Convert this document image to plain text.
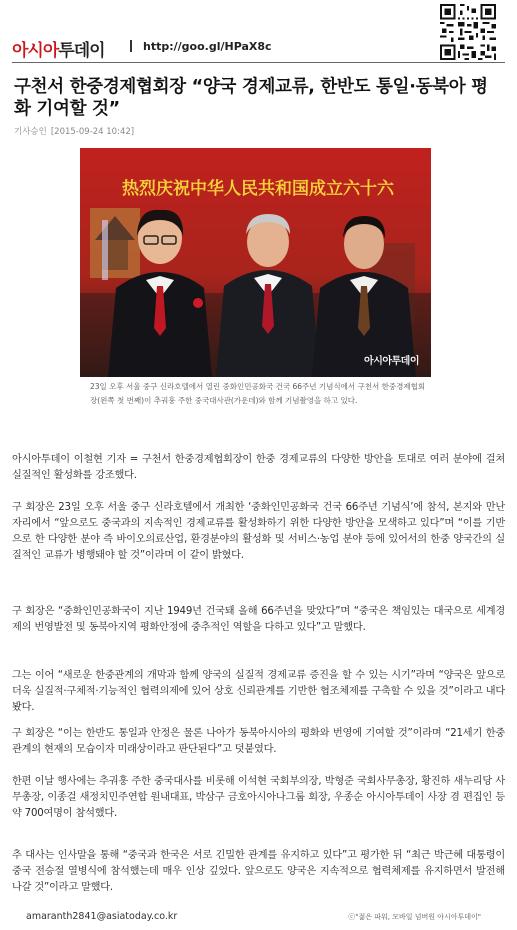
아시아투데이	http://goo.gl/HPaX8c
구천서 한중경제협회장 “양국 경제교류, 한반도 통일·동북아 평화 기여할 것”
기사승인 [2015-09-24 10:42]
热烈庆祝中华人民共和国成立六十六
아시아투데이

23일 오후 서울 중구 신라호텔에서 열린 중화인민공화국 건국 66주년 기념식에서 구천서 한중경제협회장(왼쪽 첫 번째)이 추궈훙 주한 중국대사관(가운데)와 함께 기념촬영을 하고 있다.

아시아투데이 이철현 기자 = 구천서 한중경제협회장이 한중 경제교류의 다양한 방안을 토대로 여러 분야에 걸쳐 실질적인 활성화를 강조했다.

구 회장은 23일 오후 서울 중구 신라호텔에서 개최한 ‘중화인민공화국 건국 66주년 기념식’에 참석, 본지와 만난 자리에서 “앞으로도 중국과의 지속적인 경제교류를 활성화하기 위한 다양한 방안을 모색하고 있다”며 “이를 기반으로 한 다양한 분야 즉 바이오의료산업, 환경분야의 활성화 및 서비스·농업 분야 등에 있어서의 한중 양국간의 실질적인 교류가 병행돼야 할 것”이라며 이 같이 밝혔다.

구 회장은 “중화인민공화국이 지난 1949년 건국돼 올해 66주년을 맞았다”며 “중국은 책임있는 대국으로 세계경제의 번영발전 및 동북아지역 평화안정에 중추적인 역할을 다하고 있다”고 말했다.

그는 이어 “새로운 한중관계의 개막과 함께 양국의 실질적 경제교류 증진을 할 수 있는 시기”라며 “양국은 앞으로 더욱 실질적·구체적·기능적인 협력의제에 있어 상호 신뢰관계를 기반한 협조체제를 구축할 수 있을 것”이라고 내다봤다.

구 회장은 “이는 한반도 통일과 안정은 물론 나아가 동북아시아의 평화와 번영에 기여할 것”이라며 “21세기 한중관계의 현재의 모습이자 미래상이라고 판단된다”고 덧붙였다.

한편 이날 행사에는 추궈훙 주한 중국대사를 비롯해 이석현 국회부의장, 박형준 국회사무총장, 황진하 새누리당 사무총장, 이종걸 새정치민주연합 원내대표, 박삼구 금호아시아나그룹 회장, 우종순 아시아투데이 사장 겸 편집인 등 약 700여명이 참석했다.

추 대사는 인사말을 통해 “중국과 한국은 서로 긴밀한 관계를 유지하고 있다”고 평가한 뒤 “최근 박근혜 대통령이 중국 전승절 열병식에 참석했는데 매우 인상 깊었다. 앞으로도 양국은 지속적으로 협력체제를 유지하면서 발전해 나갈 것”이라고 말했다.

amaranth2841@asiatoday.co.kr	ⓒ"젊은 파워, 모바일 넘버원 아시아투데이"
